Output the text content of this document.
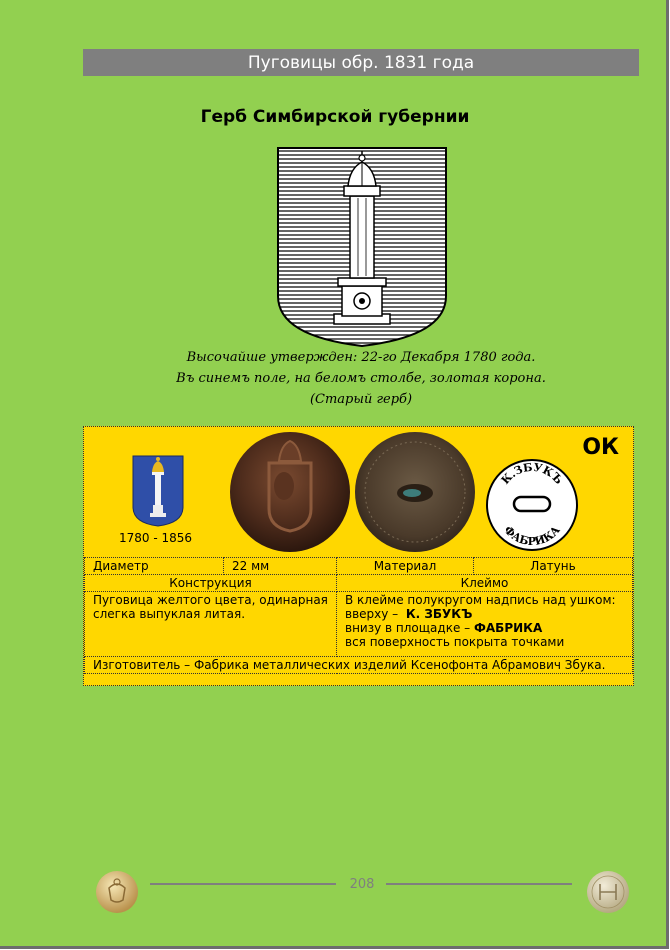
Пуговицы обр. 1831 года
Герб Симбирской губернии
Высочайше утвержден: 22-го Декабря 1780 года.
Въ синемъ поле, на беломъ столбе, золотая корона.
(Старый герб)
1780 - 1856
К.ЗБУКЪ
ФАБРИКА
ОК
Диаметр	22 мм	Материал	Латунь
Конструкция		Клеймо	
Пуговица желтого цвета, одинарная слегка выпуклая литая.		В клейме полукругом надпись над ушком:
вверху – К. ЗБУКЪ
внизу в площадке – ФАБРИКА
вся поверхность покрыта точками	

Изготовитель – Фабрика металлических изделий Ксенофонта Абрамович Збука.			
208
